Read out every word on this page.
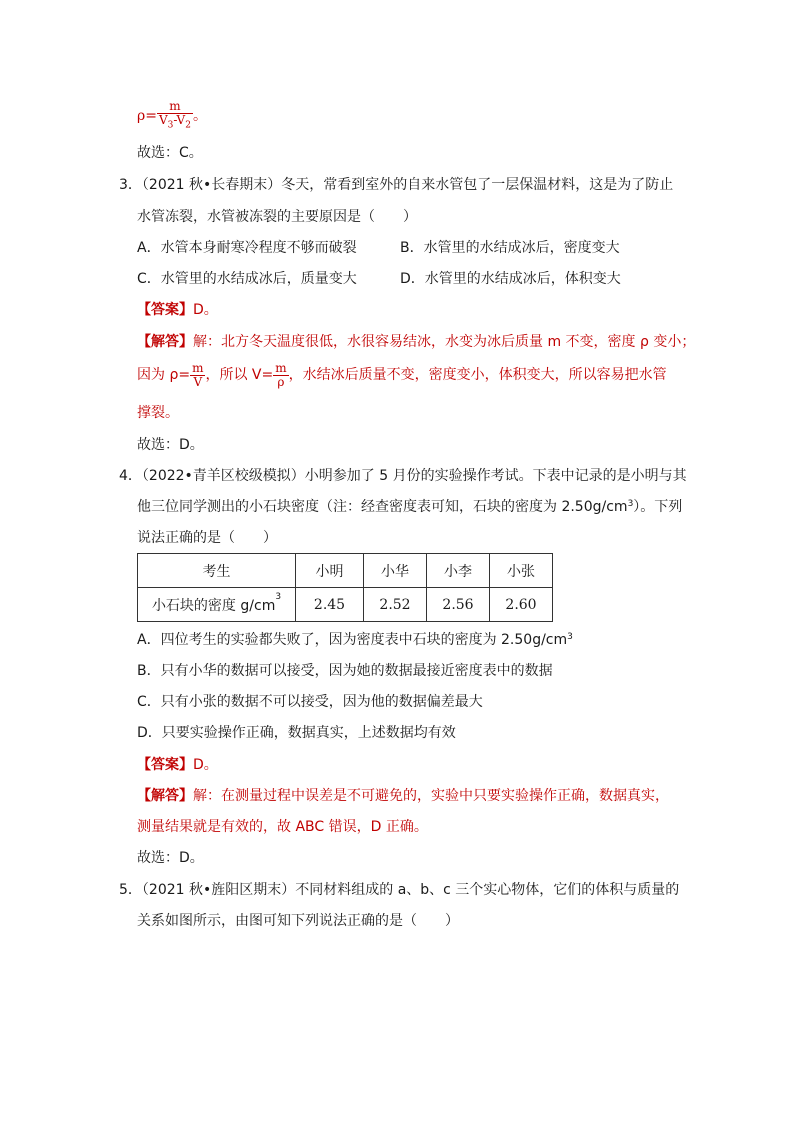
$\rho= \frac{m}{V_3-V_2}$ 。
故选：C。
3．（2021 秋•长春期末）冬天，常看到室外的自来水管包了一层保温材料，这是为了防止
水管冻裂，水管被冻裂的主要原因是（　　）
A．水管本身耐寒冷程度不够而破裂	B．水管里的水结成冰后，密度变大
C．水管里的水结成冰后，质量变大	D．水管里的水结成冰后，体积变大
【答案】D。
【解答】解：北方冬天温度很低，水很容易结冰，水变为冰后质量 m 不变，密度 ρ 变小；
因为 $\rho= \frac{m}{V}$ ，所以 $V= \frac{m}{\rho}$ ，水结冰后质量不变，密度变小，体积变大，所以容易把水管
撑裂。
故选：D。
4．（2022•青羊区校级模拟）小明参加了 5 月份的实验操作考试。下表中记录的是小明与其
他三位同学测出的小石块密度（注：经查密度表可知，石块的密度为 $2.50g/cm^3$）。下列
说法正确的是（　　）
考生	小明	小华	小李	小张
小石块的密度 $g/cm^3$	2.45	2.52	2.56	2.60
A．四位考生的实验都失败了，因为密度表中石块的密度为 $2.50g/cm^3$
B．只有小华的数据可以接受，因为她的数据最接近密度表中的数据
C．只有小张的数据不可以接受，因为他的数据偏差最大
D．只要实验操作正确，数据真实，上述数据均有效
【答案】D。
【解答】解：在测量过程中误差是不可避免的，实验中只要实验操作正确，数据真实，
测量结果就是有效的，故 ABC 错误，D 正确。
故选：D。
5．（2021 秋•旌阳区期末）不同材料组成的 a、b、c 三个实心物体，它们的体积与质量的
关系如图所示，由图可知下列说法正确的是（　　）
